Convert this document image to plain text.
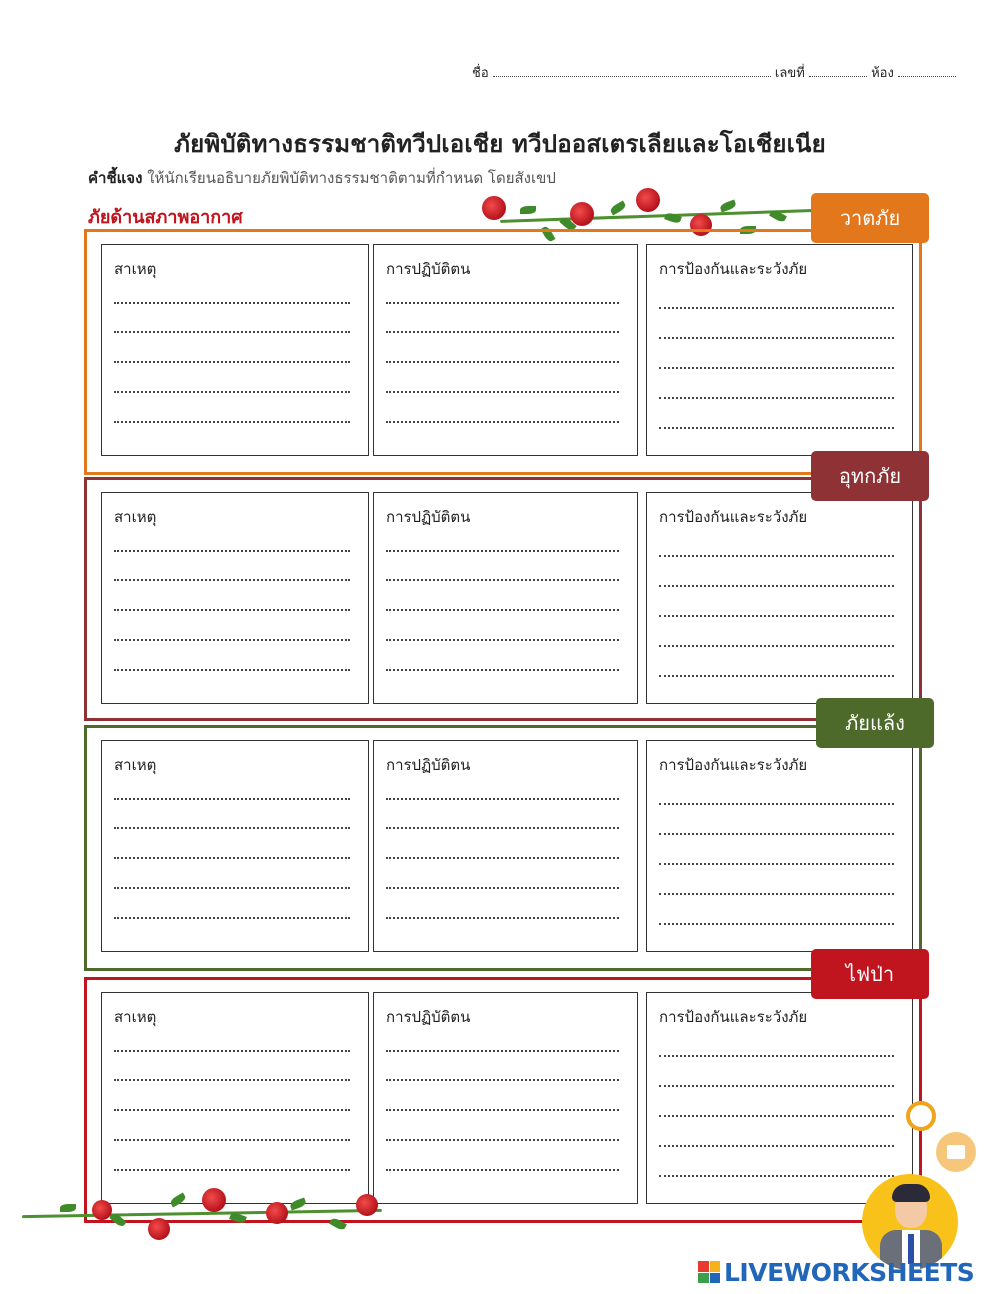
ชื่อ	เลขที่	ห้อง
ภัยพิบัติทางธรรมชาติทวีปเอเชีย ทวีปออสเตรเลียและโอเชียเนีย
คำชี้แจง ให้นักเรียนอธิบายภัยพิบัติทางธรรมชาติตามที่กำหนด โดยสังเขป
ภัยด้านสภาพอากาศ
สาเหตุ	การปฏิบัติตน	การป้องกันและระวังภัย
วาตภัย
สาเหตุ	การปฏิบัติตน	การป้องกันและระวังภัย
อุทกภัย
สาเหตุ	การปฏิบัติตน	การป้องกันและระวังภัย
ภัยแล้ง
สาเหตุ	การปฏิบัติตน	การป้องกันและระวังภัย
ไฟป่า
LIVEWORKSHEETS
